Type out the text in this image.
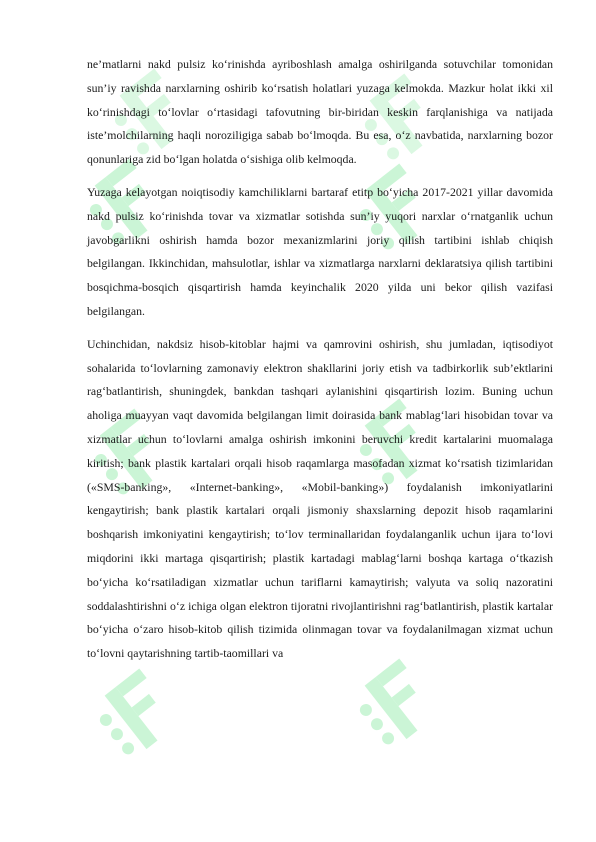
ne’matlarni nakd pulsiz ko‘rinishda ayriboshlash amalga oshirilganda sotuvchilar tomonidan sun’iy ravishda narxlarning oshirib ko‘rsatish holatlari yuzaga kelmokda. Mazkur holat ikki xil ko‘rinishdagi to‘lovlar o‘rtasidagi tafovutning bir-biridan keskin farqlanishiga va natijada iste’molchilarning haqli noroziligiga sabab bo‘lmoqda. Bu esa, o‘z navbatida, narxlarning bozor qonunlariga zid bo‘lgan holatda o‘sishiga olib kelmoqda.

Yuzaga kelayotgan noiqtisodiy kamchiliklarni bartaraf etitp bo‘yicha 2017-2021 yillar davomida nakd pulsiz ko‘rinishda tovar va xizmatlar sotishda sun’iy yuqori narxlar o‘rnatganlik uchun javobgarlikni oshirish hamda bozor mexanizmlarini joriy qilish tartibini ishlab chiqish belgilangan. Ikkinchidan, mahsulotlar, ishlar va xizmatlarga narxlarni deklaratsiya qilish tartibini bosqichma-bosqich qisqartirish hamda keyinchalik 2020 yilda uni bekor qilish vazifasi belgilangan.

Uchinchidan, nakdsiz hisob-kitoblar hajmi va qamrovini oshirish, shu jumladan, iqtisodiyot sohalarida to‘lovlarning zamonaviy elektron shakllarini joriy etish va tadbirkorlik sub’ektlarini rag‘batlantirish, shuningdek, bankdan tashqari aylanishini qisqartirish lozim. Buning uchun aholiga muayyan vaqt davomida belgilangan limit doirasida bank mablag‘lari hisobidan tovar va xizmatlar uchun to‘lovlarni amalga oshirish imkonini beruvchi kredit kartalarini muomalaga kiritish; bank plastik kartalari orqali hisob raqamlarga masofadan xizmat ko‘rsatish tizimlaridan («SMS-banking», «Internet-banking», «Mobil-banking») foydalanish imkoniyatlarini kengaytirish; bank plastik kartalari orqali jismoniy shaxslarning depozit hisob raqamlarini boshqarish imkoniyatini kengaytirish; to‘lov terminallaridan foydalanganlik uchun ijara to‘lovi miqdorini ikki martaga qisqartirish; plastik kartadagi mablag‘larni boshqa kartaga o‘tkazish bo‘yicha ko‘rsatiladigan xizmatlar uchun tariflarni kamaytirish; valyuta va soliq nazoratini soddalashtirishni o‘z ichiga olgan elektron tijoratni rivojlantirishni rag‘batlantirish, plastik kartalar bo‘yicha o‘zaro hisob-kitob qilish tizimida olinmagan tovar va foydalanilmagan xizmat uchun to‘lovni qaytarishning tartib-taomillari va
